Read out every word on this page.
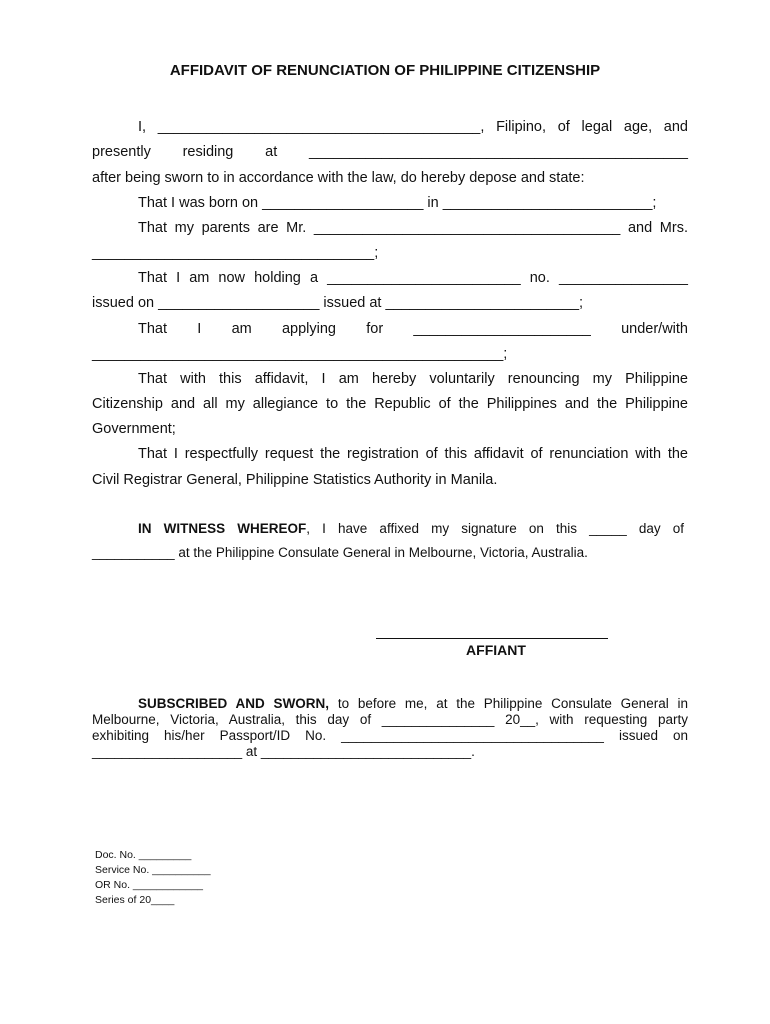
AFFIDAVIT OF RENUNCIATION OF PHILIPPINE CITIZENSHIP
I, ________________________________________, Filipino, of legal age, and
presently residing at _______________________________________________
after being sworn to in accordance with the law, do hereby depose and state:
That I was born on ____________________ in __________________________;
That my parents are Mr. ______________________________________ and Mrs.
___________________________________;
That I am now holding a ________________________ no. ________________
issued on ____________________ issued at ________________________;
That I am applying for ______________________ under/with
___________________________________________________;
That with this affidavit, I am hereby voluntarily renouncing my Philippine
Citizenship and all my allegiance to the Republic of the Philippines and the Philippine
Government;
That I respectfully request the registration of this affidavit of renunciation with the
Civil Registrar General, Philippine Statistics Authority in Manila.
IN WITNESS WHEREOF, I have affixed my signature on this _____ day of
___________ at the Philippine Consulate General in Melbourne, Victoria, Australia.
AFFIANT
SUBSCRIBED AND SWORN, to before me, at the Philippine Consulate General in
Melbourne, Victoria, Australia, this day of _______________ 20__, with requesting party
exhibiting his/her Passport/ID No. ___________________________________ issued on
____________________ at ____________________________.
Doc. No. _________
Service No. __________
OR No. ____________
Series of 20____
